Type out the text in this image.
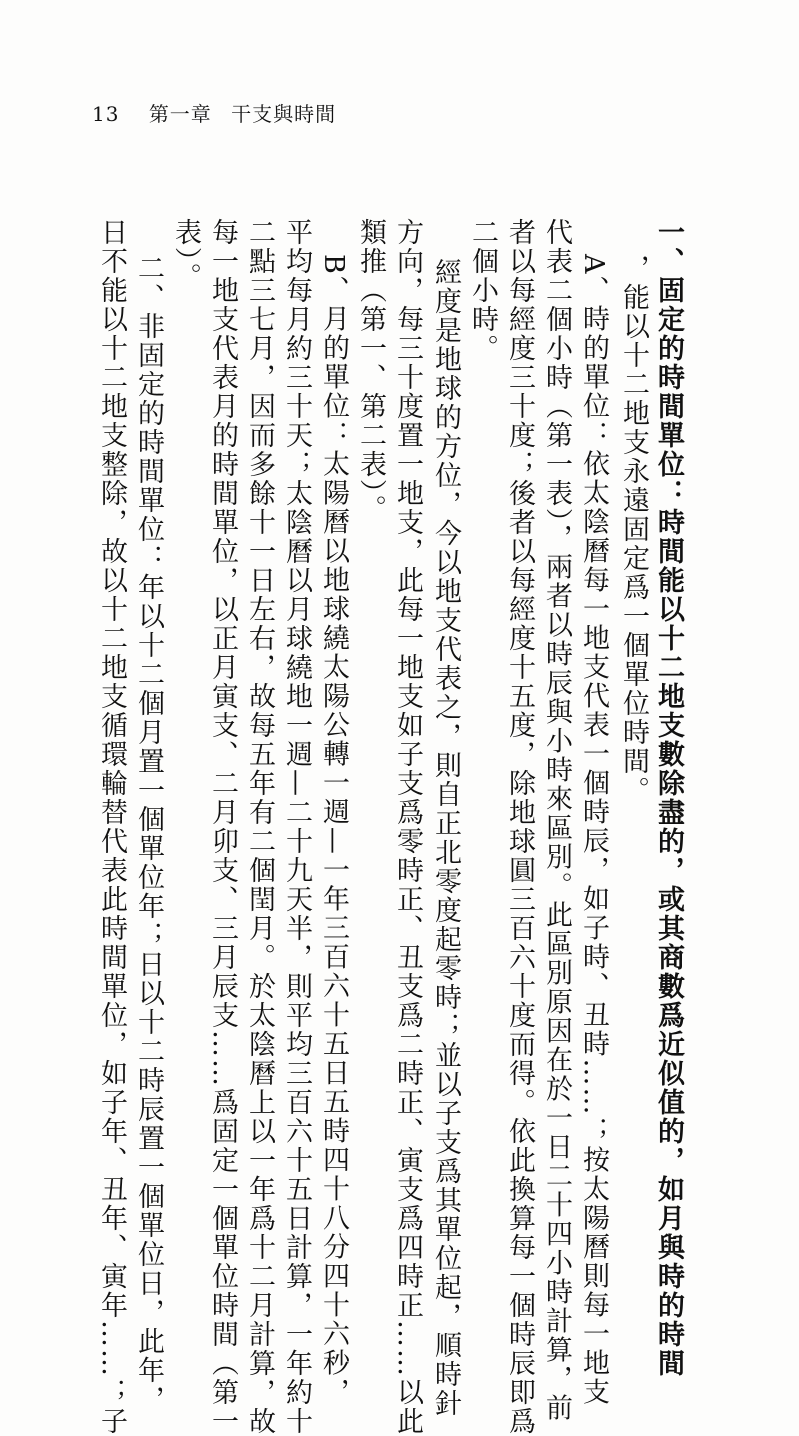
13 第一章 干支與時間
一、固定的時間單位：時間能以十二地支數除盡的，或其商數爲近似值的，如月與時的時間
，能以十二地支永遠固定爲一個單位時間。
A、時的單位：依太陰曆每一地支代表一個時辰，如子時、丑時……；按太陽曆則每一地支
代表二個小時（第一表），兩者以時辰與小時來區別。此區別原因在於一日二十四小時計算，前
者以每經度三十度；後者以每經度十五度，除地球圓三百六十度而得。依此換算每一個時辰即爲
二個小時。
經度是地球的方位，今以地支代表之，則自正北零度起零時；並以子支爲其單位起，順時針
方向，每三十度置一地支，此每一地支如子支爲零時正、丑支爲二時正、寅支爲四時正……以此
類推（第一、第二表）。
B、月的單位：太陽曆以地球繞太陽公轉一週—一年三百六十五日五時四十八分四十六秒，
平均每月約三十天；太陰曆以月球繞地一週—二十九天半，則平均三百六十五日計算，一年約十
二點三七月，因而多餘十一日左右，故每五年有二個閏月。於太陰曆上以一年爲十二月計算，故
每一地支代表月的時間單位，以正月寅支、二月卯支、三月辰支……爲固定一個單位時間（第一
表）。
二、非固定的時間單位：年以十二個月置一個單位年；日以十二時辰置一個單位日，此年，
日不能以十二地支整除，故以十二地支循環輪替代表此時間單位，如子年、丑年、寅年……；子
